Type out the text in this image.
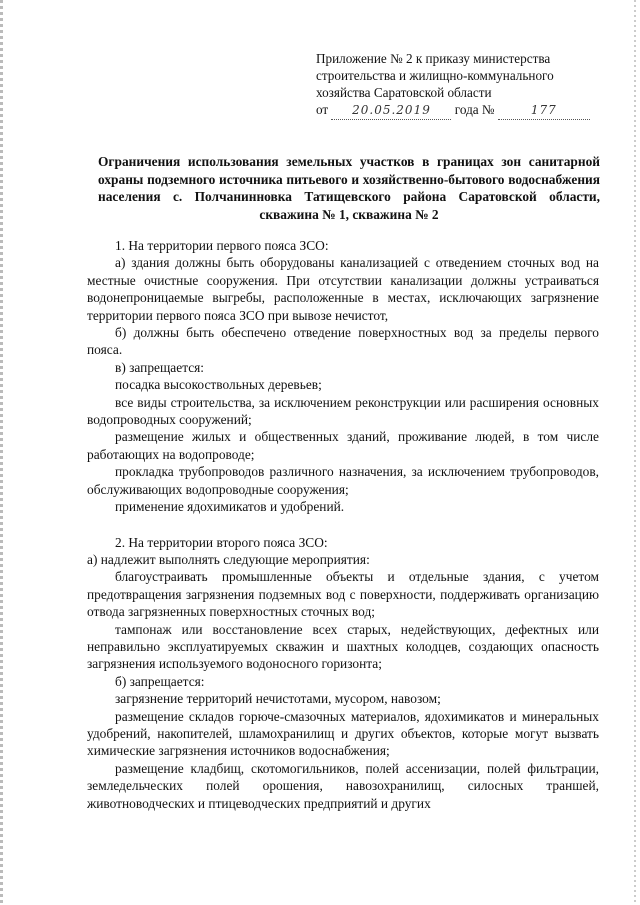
Приложение № 2 к приказу министерства
строительства и жилищно-коммунального
хозяйства Саратовской области
от 20.05.2019 года №	177
Ограничения использования земельных участков в границах зон санитарной охраны подземного источника питьевого и хозяйственно-бытового водоснабжения населения с. Полчанинновка Татищевского района Саратовской области, скважина № 1, скважина № 2

1. На территории первого пояса ЗСО:

а) здания должны быть оборудованы канализацией с отведением сточных вод на местные очистные сооружения. При отсутствии канализации должны устраиваться водонепроницаемые выгребы, расположенные в местах, исключающих загрязнение территории первого пояса ЗСО при вывозе нечистот,

б) должны быть обеспечено отведение поверхностных вод за пределы первого пояса.

в) запрещается:

посадка высокоствольных деревьев;

все виды строительства, за исключением реконструкции или расширения основных водопроводных сооружений;

размещение жилых и общественных зданий, проживание людей, в том числе работающих на водопроводе;

прокладка трубопроводов различного назначения, за исключением трубопроводов, обслуживающих водопроводные сооружения;

применение ядохимикатов и удобрений.

2. На территории второго пояса ЗСО:

а) надлежит выполнять следующие мероприятия:

благоустраивать промышленные объекты и отдельные здания, с учетом предотвращения загрязнения подземных вод с поверхности, поддерживать организацию отвода загрязненных поверхностных сточных вод;

тампонаж или восстановление всех старых, недействующих, дефектных или неправильно эксплуатируемых скважин и шахтных колодцев, создающих опасность загрязнения используемого водоносного горизонта;

б) запрещается:

загрязнение территорий нечистотами, мусором, навозом;

размещение складов горюче-смазочных материалов, ядохимикатов и минеральных удобрений, накопителей, шламохранилищ и других объектов, которые могут вызвать химические загрязнения источников водоснабжения;

размещение кладбищ, скотомогильников, полей ассенизации, полей фильтрации, земледельческих полей орошения, навозохранилищ, силосных траншей, животноводческих и птицеводческих предприятий и других
